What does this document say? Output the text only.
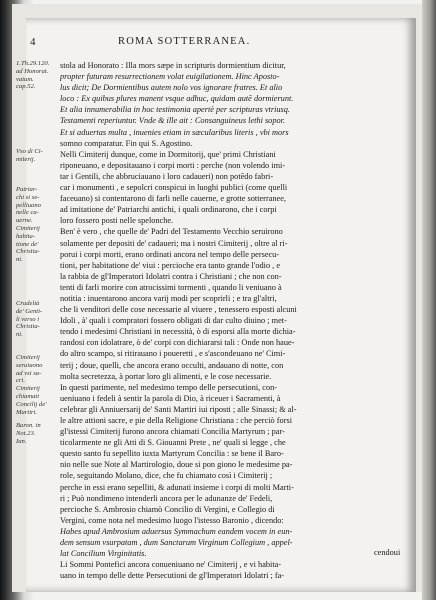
4	ROMA SOTTERRANEA.
1.Th.29.120.
ad Honorat.
vatum.
cap.52.
Vso di Ci-
miterij.
Patriar-
chi si se-
pelliuano
nelle ca-
uerne.
Cimiterij
habita-
tione de'
Christia-
ni.
Crudeltà
de' Genti-
li verso i
Christia-
ni.
Cimiterij
seruiuono
ad vsi sa-
cri.
Cimiterij
chiamati
Concilij de'
Martiri.
Baron. in
Not.23.
Ian.
stola ad Honorato : Illa mors sæpe in scripturis dormientium dicitur,
propter futuram resurrectionem volat euigilationem. Hinc Aposto-
lus dicit; De Dormientibus autem nolo vos ignorare fratres. Et alio
loco : Ex quibus plures manent vsque adhuc, quidam autē dormierunt.
Et alia innumerabilia in hoc testimonia apertè per scripturas vtriusq.
Testamenti reperiuntur. Vnde & ille ait : Consanguineus lethi sopor.
Et si aduertas multa , inuenies etiam in sæcularibus literis , vbi mors
somno comparatur. Fin qui S. Agostino.
Nelli Cimiterij dunque, come in Dormitorij, que' primi Christiani
riponeuano, e depositauano i corpi morti : perche (non volendo imi-
tar i Gentili, che abbruciauano i loro cadaueri) non potēdo fabri-
car i monumenti , e sepolcri conspicui in luoghi publici (come quelli
faceuano) si contentarono di farli nelle cauerne, e grotte sotterranee,
ad imitatione de' Patriarchi antichi, i quali ordinarono, che i corpi
loro fossero posti nelle spelonche.
Ben' è vero , che quelle de' Padri del Testamento Vecchio seruirono
solamente per depositi de' cadaueri; ma i nostri Cimiterij , oltre al ri-
porui i corpi morti, erano ordinati ancora nel tempo delle persecu-
tioni, per habitatione de' viui : percioche era tanto grande l'odio , e
la rabbia de gl'Imperatori Idolatri contra i Christiani ; che non con-
tenti di farli morire con atrocissimi tormenti , quando li veniuano à
notitia : inuentarono ancora varij modi per scoprirli ; e tra gl'altri,
che li venditori delle cose necessarie al viuere , tenessero esposti alcuni
Idoli , à' quali i compratori fossero obligati di dar culto diuino ; met-
tendo i medesimi Christiani in necessità, ò di esporsi alla morte dichia-
randosi con idolatrare, ò de' corpi con dichiararsi tali : Onde non haue-
do altro scampo, si ritirauano i poueretti , e s'ascondeuano ne' Cimi-
terij ; doue, quelli, che ancora erano occulti, andauano di notte, con
molta secretezza, à portar loro gli alimenti, e le cose necessarie.
In questi parimente, nel medesimo tempo delle persecutioni, con-
ueniuano i fedeli à sentir la parola di Dio, à riceuer i Sacramenti, à
celebrar gli Anniuersarij de' Santi Martiri iui riposti ; alle Sinassi; & al-
le altre attioni sacre, e pie della Religione Christiana : che perciò forsi
gl'istessi Cimiterij furono ancora chiamati Concilia Martyrum ; par-
ticolarmente ne gli Atti di S. Giouanni Prete , ne' quali si legge , che
questo santo fu sepellito iuxta Martyrum Concilia : se bene il Baro-
nio nelle sue Note al Martirologio, doue si pon giono le medesime pa-
role, seguitando Molano, dice, che fu chiamato così i Cimiterij ;
perche in essi erano sepelliti, & adunati insieme i corpi di molti Marti-
ri ; Può nondimeno intenderli ancora per le adunanze de' Fedeli,
percioche S. Ambrosio chiamò Concilio di Vergini, e Collegio di
Vergini, come nota nel medesimo luogo l'istesso Baronio , dicendo:
Habes apud Ambrosium aduersus Symmachum eandem vocem in eun-
dem sensum vsurpatam , dum Sanctarum Virginum Collegium , appel-
lat Concilium Virginitatis.
Li Sommi Pontefici ancora conueniuano ne' Cimiterij , e vi habita-
uano in tempo delle dette Persecutioni de gl'Imperatori Idolatri ; fa-
cendoui
